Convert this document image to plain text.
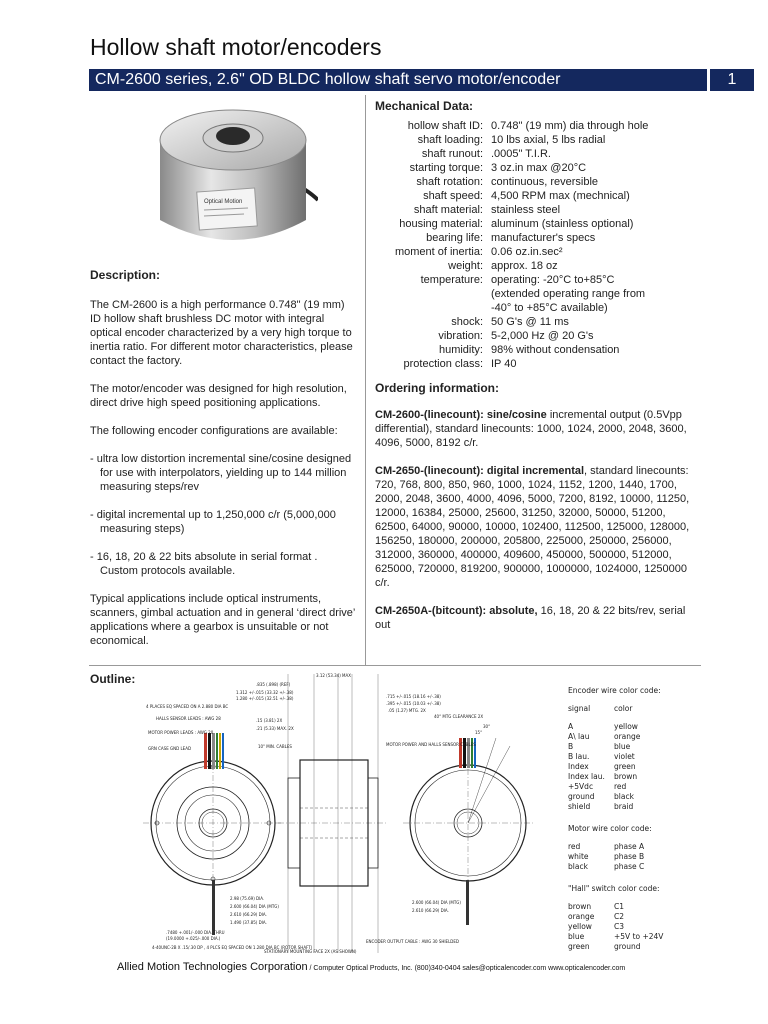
Hollow shaft motor/encoders
CM-2600 series, 2.6" OD BLDC hollow shaft servo motor/encoder	1
Optical Motion
Description:

The CM-2600 is a high performance 0.748" (19 mm) ID hollow shaft brushless DC motor with integral optical encoder characterized by a very high torque to inertia ratio. For different motor characteristics, please contact the factory.

The motor/encoder was designed for high resolution, direct drive high speed positioning applications.

The following encoder configurations are available:

- ultra low distortion incremental sine/cosine designed for use with interpolators, yielding up to 144 million measuring steps/rev
- digital incremental up to 1,250,000 c/r (5,000,000 measuring steps)
- 16, 18, 20 & 22 bits absolute in serial format . Custom protocols available.

Typical applications include optical instruments, scanners, gimbal actuation and in general ‘direct drive’ applications where a gearbox is unsuitable or not economical.

Mechanical Data:
hollow shaft ID: 0.748" (19 mm) dia through hole
shaft loading: 10 lbs axial, 5 lbs radial
shaft runout: .0005" T.I.R.
starting torque: 3 oz.in max @20°C
shaft rotation: continuous, reversible
shaft speed: 4,500 RPM max (mechnical)
shaft material: stainless steel
housing material: aluminum (stainless optional)
bearing life: manufacturer's specs
moment of inertia: 0.06 oz.in.sec²
weight: approx. 18 oz
temperature: operating: -20°C to+85°C
(extended operating range from
-40° to +85°C available)
shock: 50 G's @ 11 ms
vibration: 5-2,000 Hz @ 20 G's
humidity: 98% without condensation
protection class: IP 40
Ordering information:

CM-2600-(linecount): sine/cosine incremental output (0.5Vpp differential), standard linecounts: 1000, 1024, 2000, 2048, 3600, 4096, 5000, 8192 c/r.

CM-2650-(linecount): digital incremental, standard linecounts: 720, 768, 800, 850, 960, 1000, 1024, 1152, 1200, 1440, 1700, 2000, 2048, 3600, 4000, 4096, 5000, 7200, 8192, 10000, 11250, 12000, 16384, 25000, 25600, 31250, 32000, 50000, 51200, 62500, 64000, 90000, 10000, 102400, 112500, 125000, 128000, 156250, 180000, 200000, 205800, 225000, 250000, 256000, 312000, 360000, 400000, 409600, 450000, 500000, 512000, 625000, 720000, 819200, 900000, 1000000, 1024000, 1250000 c/r.

CM-2650A-(bitcount): absolute, 16, 18, 20 & 22 bits/rev, serial out

Outline:	3.12 (53.34) MAX
.835 (.898) (REF)
1.312 +/-.015 (33.32 +/-.38)
1.280 +/-.015 (32.51 +/-.38)
4 PLACES EQ SPACED ON A 2.880 DIA BC
HALLS SENSOR LEADS : AWG 28
MOTOR POWER LEADS : AWG 20
GRN CASE GND LEAD	10" MIN. CABLES
.15 (3.81) 2X
.21 (5.33) MAX. 2X
.715 +/-.015 (18.16 +/-.38)
.395 +/-.015 (10.03 +/-.38)
.05 (1.27) MTG. 2X
40° MTG CLEARANCE 2X
30°
15°
MOTOR POWER AND HALLS SENSOR CABLES
2.98 (75.69) DIA.
2.600 (66.04) DIA (MTG)
2.610 (66.29) DIA.
1.490 (37.85) DIA.
2.600 (66.04) DIA (MTG)
2.610 (66.29) DIA.
.7480 +.001/-.000 DIA. THRU
(19.0000 +.025/-.000 DIA.)
4-40UNC-2B X .15/.30 DP , 4 PLCS EQ SPACED ON 1.280 DIA BC (ROTOR SHAFT)
STATIONARY MOUNTING FACE 2X (AS SHOWN)
ENCODER OUTPUT CABLE : AWG 30 SHIELDED
Encoder wire color code:
signal	color
A	yellow
A\ lau	orange
B	blue
B lau.	violet
Index	green
Index lau.	brown
+5Vdc	red
ground	black
shield	braid
Motor wire color code:
red	phase A
white	phase B
black	phase C
"Hall" switch color code:
brown	C1
orange	C2
yellow	C3
blue	+5V to +24V
green	ground
Allied Motion Technologies Corporation / Computer Optical Products, Inc. (800)340-0404 sales@opticalencoder.com www.opticalencoder.com
